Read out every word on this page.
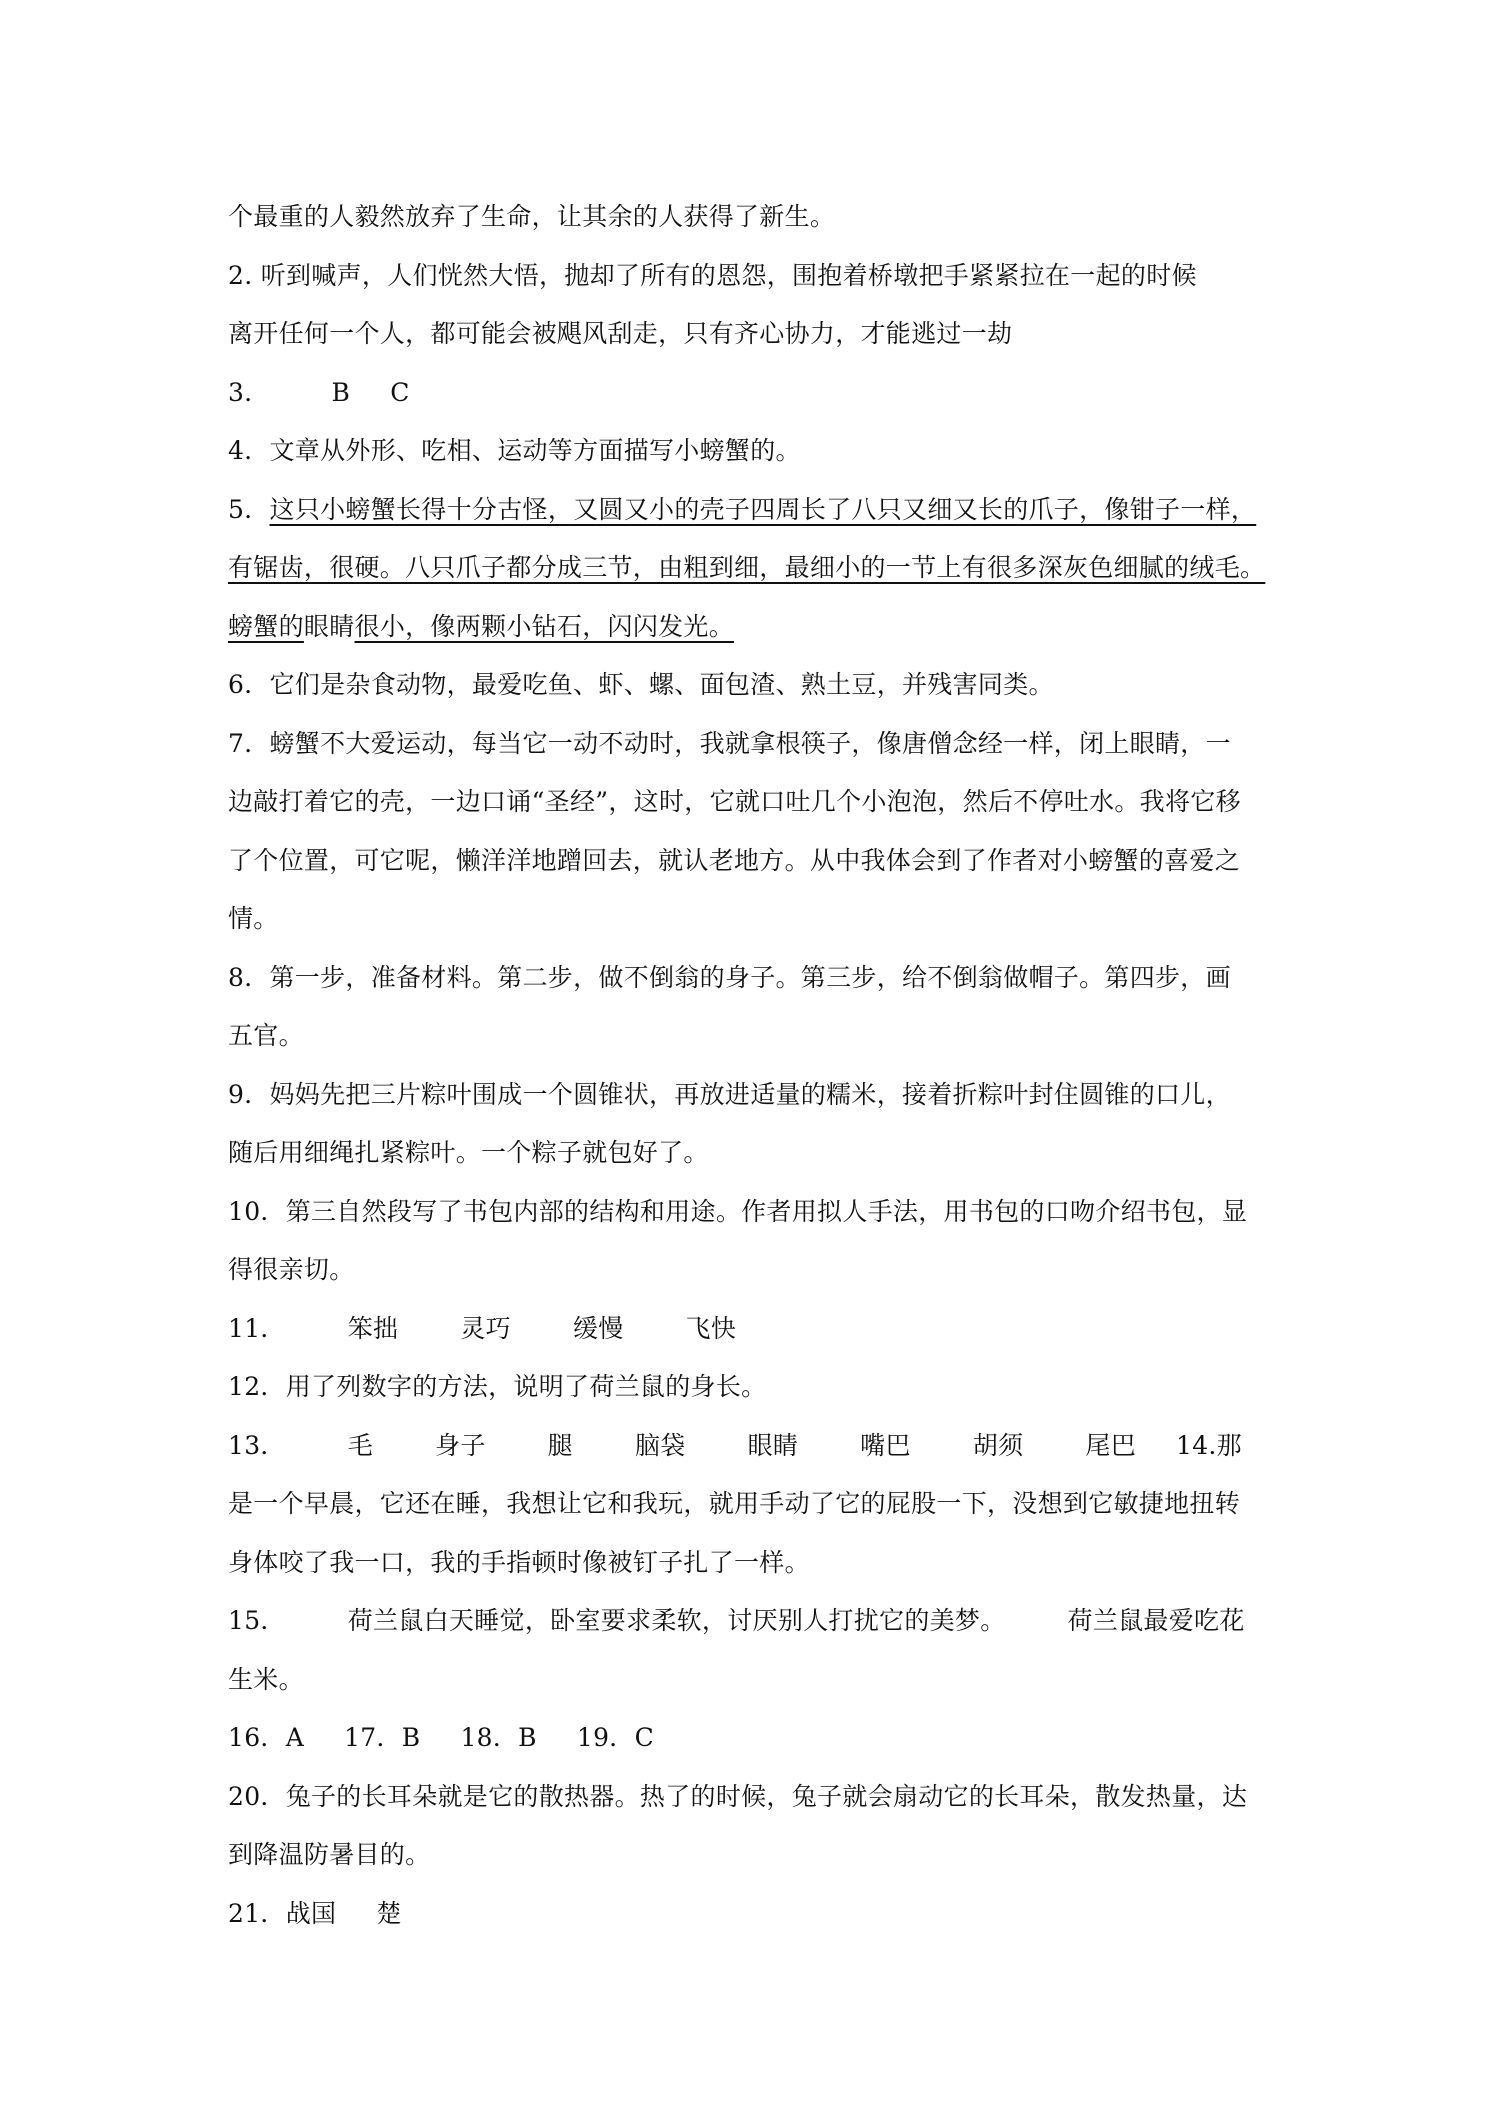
个最重的人毅然放弃了生命，让其余的人获得了新生。
2. 听到喊声，人们恍然大悟，抛却了所有的恩怨，围抱着桥墩把手紧紧拉在一起的时候
离开任何一个人，都可能会被飓风刮走，只有齐心协力，才能逃过一劫
3． B C
4．文章从外形、吃相、运动等方面描写小螃蟹的。
5．这只小螃蟹长得十分古怪，又圆又小的壳子四周长了八只又细又长的爪子，像钳子一样，
有锯齿，很硬。八只爪子都分成三节，由粗到细，最细小的一节上有很多深灰色细腻的绒毛。
螃蟹的眼睛很小，像两颗小钻石，闪闪发光。
6．它们是杂食动物，最爱吃鱼、虾、螺、面包渣、熟土豆，并残害同类。
7．螃蟹不大爱运动，每当它一动不动时，我就拿根筷子，像唐僧念经一样，闭上眼睛，一
边敲打着它的壳，一边口诵“圣经”，这时，它就口吐几个小泡泡，然后不停吐水。我将它移
了个位置，可它呢，懒洋洋地蹭回去，就认老地方。从中我体会到了作者对小螃蟹的喜爱之
情。
8．第一步，准备材料。第二步，做不倒翁的身子。第三步，给不倒翁做帽子。第四步，画
五官。
9．妈妈先把三片粽叶围成一个圆锥状，再放进适量的糯米，接着折粽叶封住圆锥的口儿，
随后用细绳扎紧粽叶。一个粽子就包好了。
10．第三自然段写了书包内部的结构和用途。作者用拟人手法，用书包的口吻介绍书包，显
得很亲切。
11． 笨拙 灵巧 缓慢 飞快
12．用了列数字的方法，说明了荷兰鼠的身长。
13． 毛 身子 腿 脑袋 眼睛 嘴巴 胡须 尾巴 14.那
是一个早晨，它还在睡，我想让它和我玩，就用手动了它的屁股一下，没想到它敏捷地扭转
身体咬了我一口，我的手指顿时像被钉子扎了一样。
15． 荷兰鼠白天睡觉，卧室要求柔软，讨厌别人打扰它的美梦。 荷兰鼠最爱吃花
生米。
16．A 17．B 18．B 19．C
20．兔子的长耳朵就是它的散热器。热了的时候，兔子就会扇动它的长耳朵，散发热量，达
到降温防暑目的。
21．战国 楚
